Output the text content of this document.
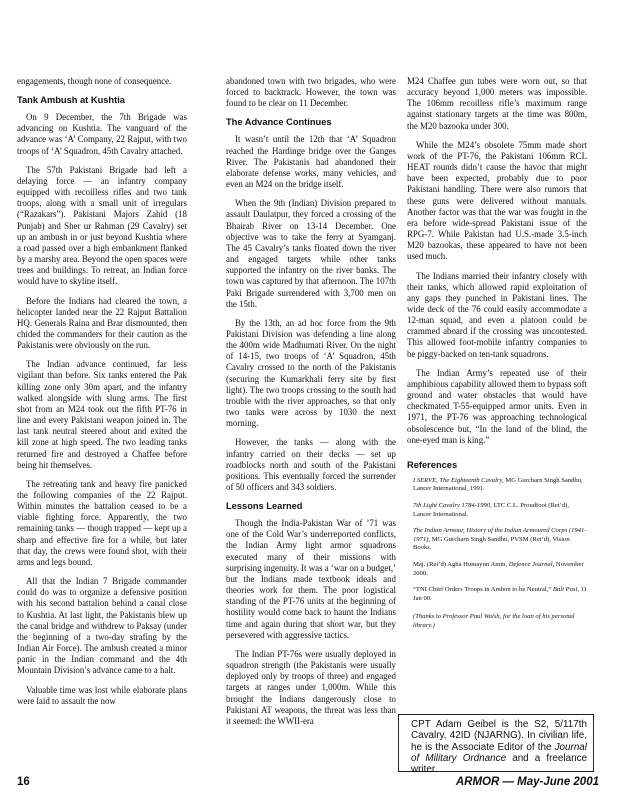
engagements, though none of consequence.

Tank Ambush at Kushtia

On 9 December, the 7th Brigade was advancing on Kushtia. The vanguard of the advance was ‘A’ Company, 22 Rajput, with two troops of ‘A’ Squadron, 45th Cavalry attached.

The 57th Pakistani Brigade had left a delaying force — an infantry company equipped with recoilless rifles and two tank troops, along with a small unit of irregulars (“Razakars”). Pakistani Majors Zahid (18 Punjab) and Sher ur Rahman (29 Cavalry) set up an ambush in or just beyond Kushtia where a road passed over a high embankment flanked by a marshy area. Beyond the open spaces were trees and buildings. To retreat, an Indian force would have to skyline itself.

Before the Indians had cleared the town, a helicopter landed near the 22 Rajput Battalion HQ. Generals Raina and Brar dismounted, then chided the commanders for their caution as the Pakistanis were obviously on the run.

The Indian advance continued, far less vigilant than before. Six tanks entered the Pak killing zone only 30m apart, and the infantry walked alongside with slung arms. The first shot from an M24 took out the fifth PT-76 in line and every Pakistani weapon joined in. The last tank neutral steered about and exited the kill zone at high speed. The two leading tanks returned fire and destroyed a Chaffee before being hit themselves.

The retreating tank and heavy fire panicked the following companies of the 22 Rajput. Within minutes the battalion ceased to be a viable fighting force. Apparently, the two remaining tanks — though trapped — kept up a sharp and effective fire for a while, but later that day, the crews were found shot, with their arms and legs bound.

All that the Indian 7 Brigade commander could do was to organize a defensive position with his second battalion behind a canal close to Kushtia. At last light, the Pakistanis blew up the canal bridge and withdrew to Paksay (under the beginning of a two-day strafing by the Indian Air Force). The ambush created a minor panic in the Indian command and the 4th Mountain Division’s advance came to a halt.

Valuable time was lost while elaborate plans were laid to assault the now

abandoned town with two brigades, who were forced to backtrack. However, the town was found to be clear on 11 December.

The Advance Continues

It wasn’t until the 12th that ‘A’ Squadron reached the Hardinge bridge over the Ganges River. The Pakistanis had abandoned their elaborate defense works, many vehicles, and even an M24 on the bridge itself.

When the 9th (Indian) Division prepared to assault Daulatpur, they forced a crossing of the Bhairab River on 13-14 December. One objective was to take the ferry at Syamganj. The 45 Cavalry’s tanks floated down the river and engaged targets while other tanks supported the infantry on the river banks. The town was captured by that afternoon. The 107th Paki Brigade surrendered with 3,700 men on the 15th.

By the 13th, an ad hoc force from the 9th Pakistani Division was defending a line along the 400m wide Madhumati River. On the night of 14-15, two troops of ‘A’ Squadron, 45th Cavalry crossed to the north of the Pakistanis (securing the Kumarkhali ferry site by first light). The two troops crossing to the south had trouble with the river approaches, so that only two tanks were across by 1030 the next morning.

However, the tanks — along with the infantry carried on their decks — set up roadblocks north and south of the Pakistani positions. This eventually forced the surrender of 50 officers and 343 soldiers.

Lessons Learned

Though the India-Pakistan War of ’71 was one of the Cold War’s underreported conflicts, the Indian Army light armor squadrons executed many of their missions with surprising ingenuity. It was a ‘war on a budget,’ but the Indians made textbook ideals and theories work for them. The poor logistical standing of the PT-76 units at the beginning of hostility would come back to haunt the Indians time and again during that short war, but they persevered with aggressive tactics.

The Indian PT-76s were usually deployed in squadron strength (the Pakistanis were usually deployed only by troops of three) and engaged targets at ranges under 1,000m. While this brought the Indians dangerously close to Pakistani AT weapons, the threat was less than it seemed: the WWII-era

M24 Chaffee gun tubes were worn out, so that accuracy beyond 1,000 meters was impossible. The 106mm recoilless rifle’s maximum range against stationary targets at the time was 800m, the M20 bazooka under 300.

While the M24’s obsolete 75mm made short work of the PT-76, the Pakistani 106mm RCL HEAT rounds didn’t cause the havoc that might have been expected, probably due to poor Pakistani handling. There were also rumors that these guns were delivered without manuals. Another factor was that the war was fought in the era before wide-spread Pakistani issue of the RPG-7. While Pakistan had U.S.-made 3.5-inch M20 bazookas, these appeared to have not been used much.

The Indians married their infantry closely with their tanks, which allowed rapid exploitation of any gaps they punched in Pakistani lines. The wide deck of the 76 could easily accommodate a 12-man squad, and even a platoon could be crammed aboard if the crossing was uncontested. This allowed foot-mobile infantry companies to be piggy-backed on ten-tank squadrons.

The Indian Army’s repeated use of their amphibious capability allowed them to bypass soft ground and water obstacles that would have checkmated T-55-equipped armor units. Even in 1971, the PT-76 was approaching technological obsolescence but, “In the land of the blind, the one-eyed man is king.”

References

I SERVE, The Eighteenth Cavalry, MG Gurcharn Singh Sandhu, Lancer International, 1991.

7th Light Cavalry 1784-1990, LTC C.L. Proudfoot (Ret’d), Lancer International.

The Indian Armour, History of the Indian Armoured Corps (1941-1971), MG Gurcharn Singh Sandhu, PVSM (Ret’d), Vision Books.

Maj. (Ret’d) Agha Humayun Amin, Defence Journal, November 2000.

“TNI Chief Orders Troops in Ambon to be Neutral,” Bali Post, 11 Jan 00.

(Thanks to Professor Paul Walsh, for the loan of his personal library.)
CPT Adam Geibel is the S2, 5/117th Cavalry, 42ID (NJARNG). In civilian life, he is the Associate Editor of the Journal of Military Ordnance and a freelance writer.
16	ARMOR — May-June 2001
